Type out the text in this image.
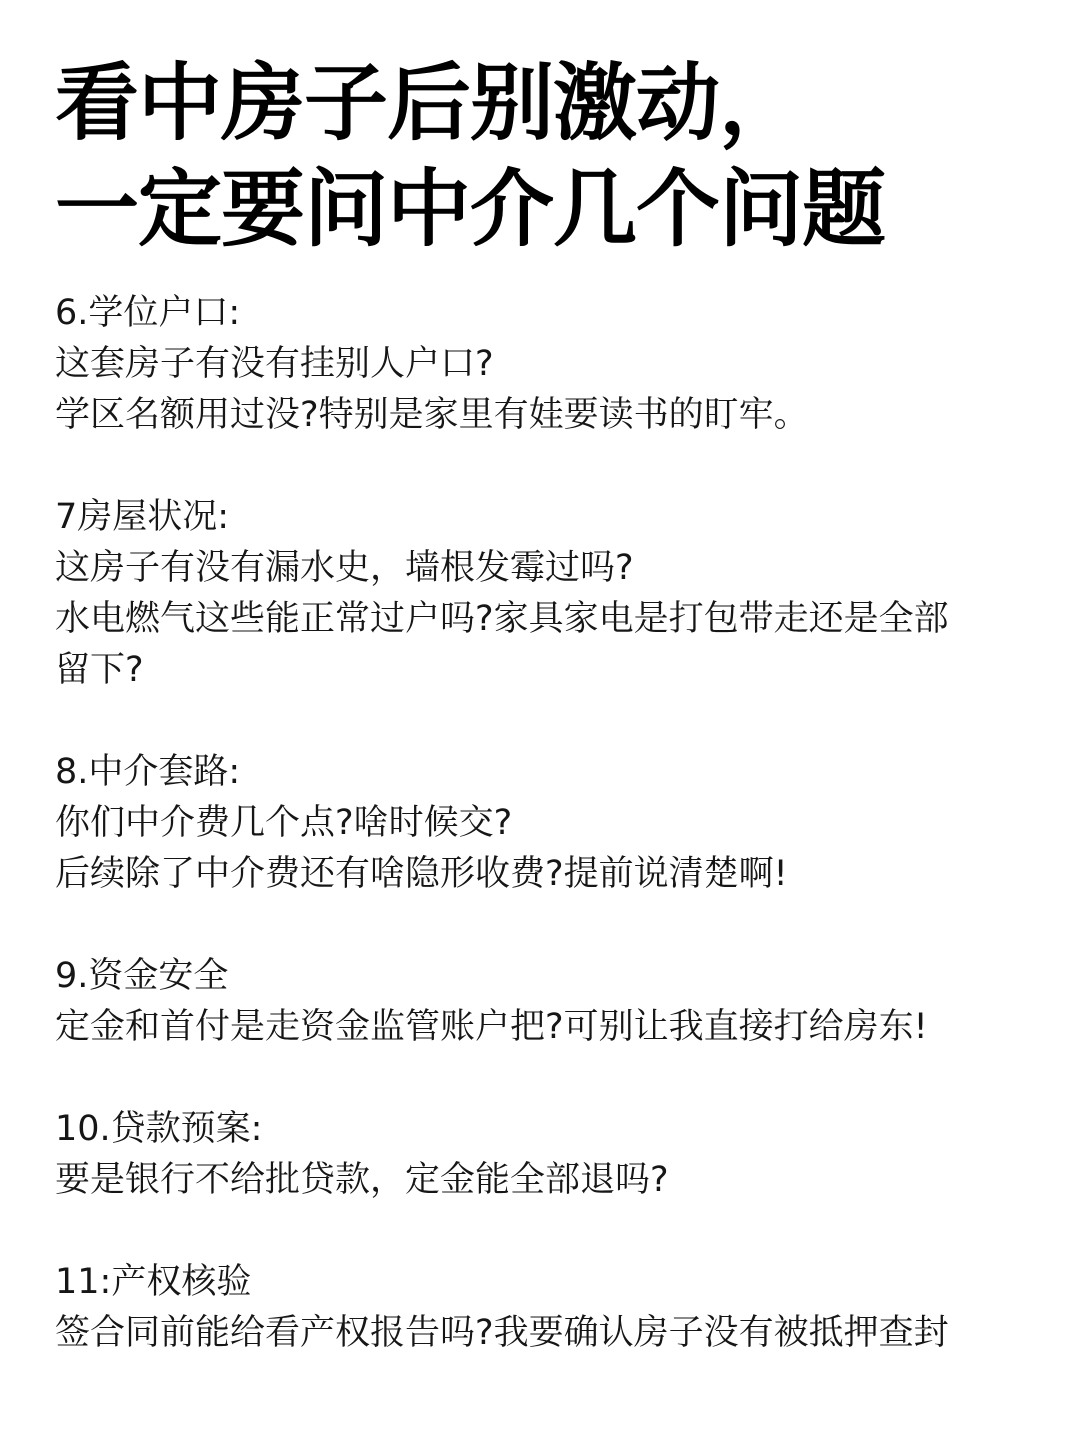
看中房子后别激动，
一定要问中介几个问题
6.学位户口:
这套房子有没有挂别人户口?
学区名额用过没?特别是家里有娃要读书的盯牢。
7房屋状况:
这房子有没有漏水史，墙根发霉过吗?
水电燃气这些能正常过户吗?家具家电是打包带走还是全部
留下?
8.中介套路:
你们中介费几个点?啥时候交?
后续除了中介费还有啥隐形收费?提前说清楚啊!
9.资金安全
定金和首付是走资金监管账户把?可别让我直接打给房东!
10.贷款预案:
要是银行不给批贷款，定金能全部退吗?
11:产权核验
签合同前能给看产权报告吗?我要确认房子没有被抵押查封
